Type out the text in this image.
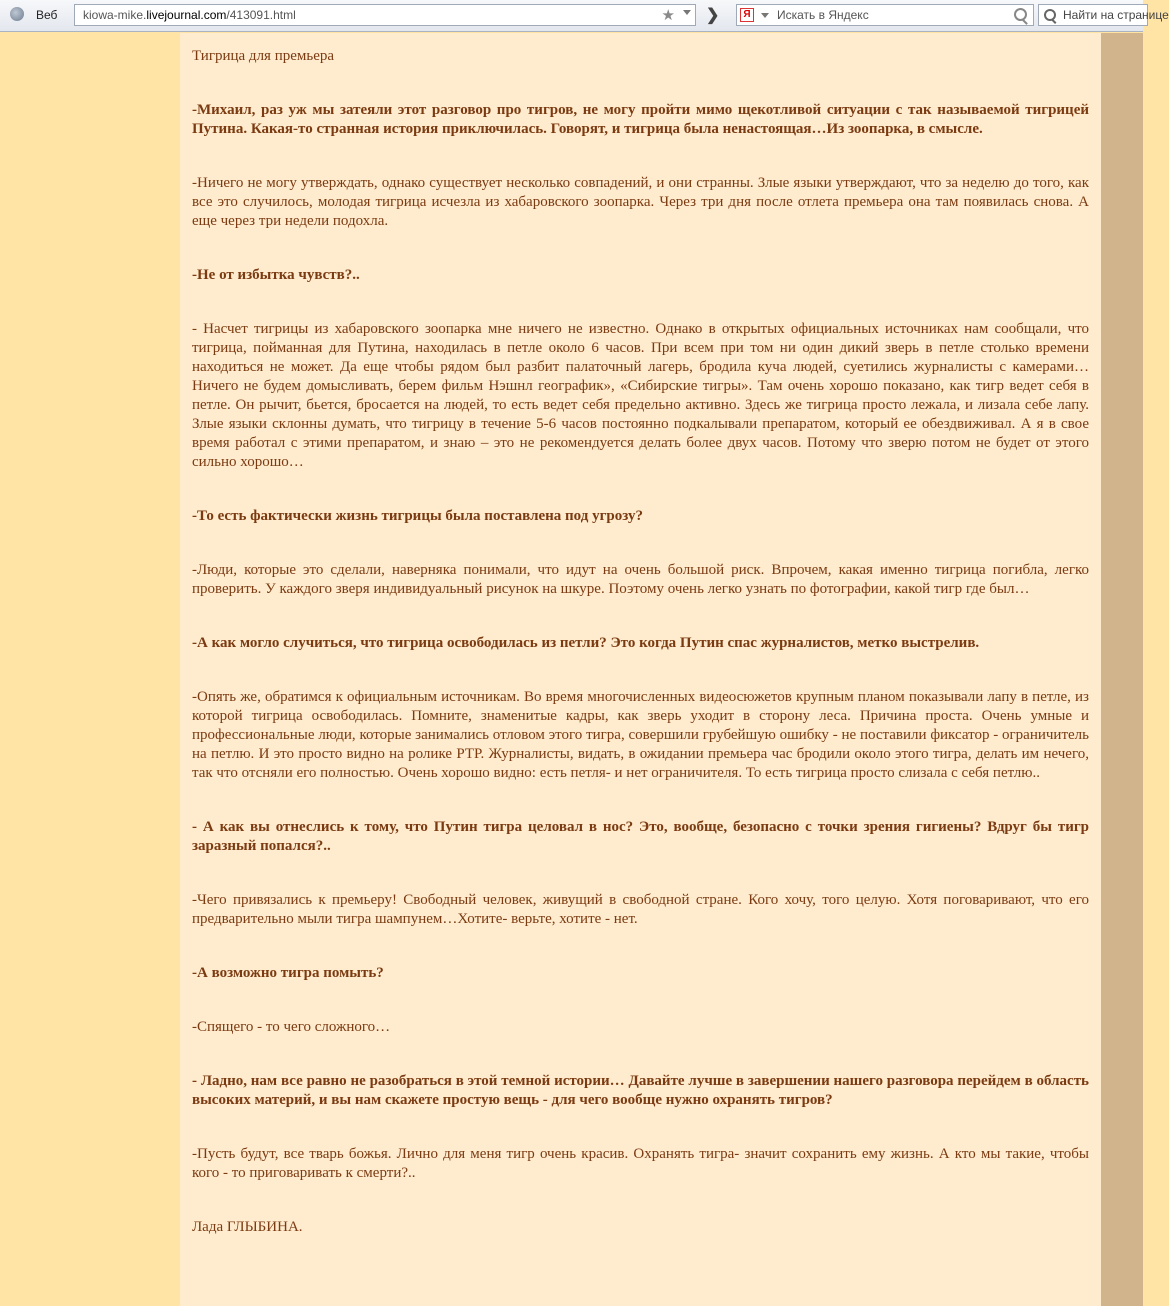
Веб kiowa-mike.livejournal.com/413091.html	★ ❯	Я Искать в Яндекс	Найти на странице

Тигрица для премьера

-Михаил, раз уж мы затеяли этот разговор про тигров, не могу пройти мимо щекотливой ситуации с так называемой тигрицей Путина. Какая-то странная история приключилась. Говорят, и тигрица была ненастоящая…Из зоопарка, в смысле.

-Ничего не могу утверждать, однако существует несколько совпадений, и они странны. Злые языки утверждают, что за неделю до того, как все это случилось, молодая тигрица исчезла из хабаровского зоопарка. Через три дня после отлета премьера она там появилась снова. А еще через три недели подохла.

-Не от избытка чувств?..

- Насчет тигрицы из хабаровского зоопарка мне ничего не известно. Однако в открытых официальных источниках нам сообщали, что тигрица, пойманная для Путина, находилась в петле около 6 часов. При всем при том ни один дикий зверь в петле столько времени находиться не может. Да еще чтобы рядом был разбит палаточный лагерь, бродила куча людей, суетились журналисты с камерами… Ничего не будем домысливать, берем фильм Нэшнл географик», «Сибирские тигры». Там очень хорошо показано, как тигр ведет себя в петле. Он рычит, бьется, бросается на людей, то есть ведет себя предельно активно. Здесь же тигрица просто лежала, и лизала себе лапу. Злые языки склонны думать, что тигрицу в течение 5-6 часов постоянно подкалывали препаратом, который ее обездвиживал. А я в свое время работал с этими препаратом, и знаю – это не рекомендуется делать более двух часов. Потому что зверю потом не будет от этого сильно хорошо…

-То есть фактически жизнь тигрицы была поставлена под угрозу?

-Люди, которые это сделали, наверняка понимали, что идут на очень большой риск. Впрочем, какая именно тигрица погибла, легко проверить. У каждого зверя индивидуальный рисунок на шкуре. Поэтому очень легко узнать по фотографии, какой тигр где был…

-А как могло случиться, что тигрица освободилась из петли? Это когда Путин спас журналистов, метко выстрелив.

-Опять же, обратимся к официальным источникам. Во время многочисленных видеосюжетов крупным планом показывали лапу в петле, из которой тигрица освободилась. Помните, знаменитые кадры, как зверь уходит в сторону леса. Причина проста. Очень умные и профессиональные люди, которые занимались отловом этого тигра, совершили грубейшую ошибку - не поставили фиксатор - ограничитель на петлю. И это просто видно на ролике РТР. Журналисты, видать, в ожидании премьера час бродили около этого тигра, делать им нечего, так что отсняли его полностью. Очень хорошо видно: есть петля- и нет ограничителя. То есть тигрица просто слизала с себя петлю..

- А как вы отнеслись к тому, что Путин тигра целовал в нос? Это, вообще, безопасно с точки зрения гигиены? Вдруг бы тигр заразный попался?..

-Чего привязались к премьеру! Свободный человек, живущий в свободной стране. Кого хочу, того целую. Хотя поговаривают, что его предварительно мыли тигра шампунем…Хотите- верьте, хотите - нет.

-А возможно тигра помыть?

-Спящего - то чего сложного…

- Ладно, нам все равно не разобраться в этой темной истории… Давайте лучше в завершении нашего разговора перейдем в область высоких материй, и вы нам скажете простую вещь - для чего вообще нужно охранять тигров?

-Пусть будут, все тварь божья. Лично для меня тигр очень красив. Охранять тигра- значит сохранить ему жизнь. А кто мы такие, чтобы кого - то приговаривать к смерти?..

Лада ГЛЫБИНА.
